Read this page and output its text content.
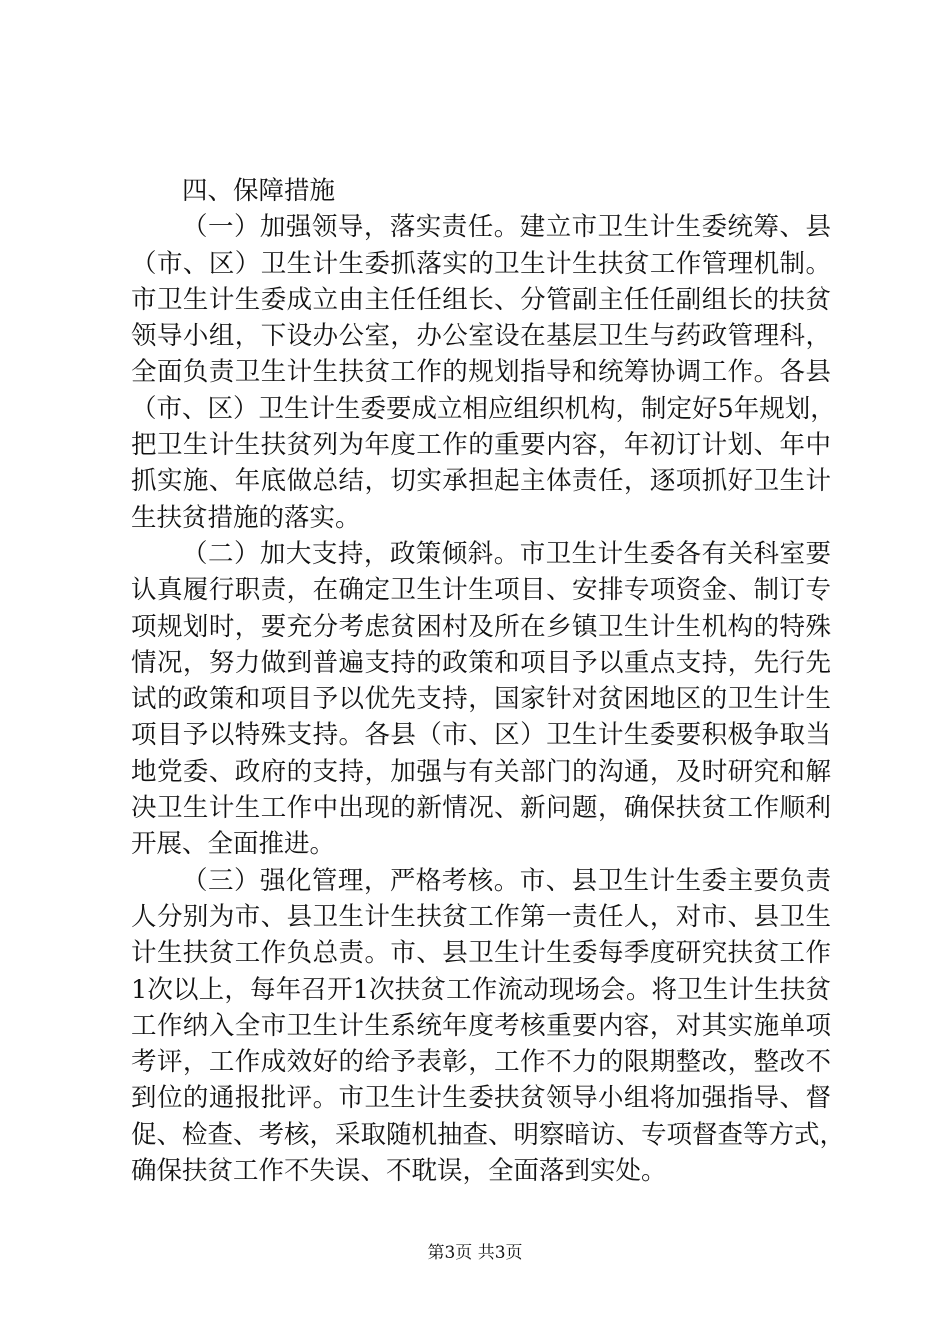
四、保障措施
（一）加强领导，落实责任。建立市卫生计生委统筹、县
（市、区）卫生计生委抓落实的卫生计生扶贫工作管理机制。
市卫生计生委成立由主任任组长、分管副主任任副组长的扶贫
领导小组，下设办公室，办公室设在基层卫生与药政管理科，
全面负责卫生计生扶贫工作的规划指导和统筹协调工作。各县
（市、区）卫生计生委要成立相应组织机构，制定好5年规划，
把卫生计生扶贫列为年度工作的重要内容，年初订计划、年中
抓实施、年底做总结，切实承担起主体责任，逐项抓好卫生计
生扶贫措施的落实。
（二）加大支持，政策倾斜。市卫生计生委各有关科室要
认真履行职责，在确定卫生计生项目、安排专项资金、制订专
项规划时，要充分考虑贫困村及所在乡镇卫生计生机构的特殊
情况，努力做到普遍支持的政策和项目予以重点支持，先行先
试的政策和项目予以优先支持，国家针对贫困地区的卫生计生
项目予以特殊支持。各县（市、区）卫生计生委要积极争取当
地党委、政府的支持，加强与有关部门的沟通，及时研究和解
决卫生计生工作中出现的新情况、新问题，确保扶贫工作顺利
开展、全面推进。
（三）强化管理，严格考核。市、县卫生计生委主要负责
人分别为市、县卫生计生扶贫工作第一责任人，对市、县卫生
计生扶贫工作负总责。市、县卫生计生委每季度研究扶贫工作
1次以上，每年召开1次扶贫工作流动现场会。将卫生计生扶贫
工作纳入全市卫生计生系统年度考核重要内容，对其实施单项
考评，工作成效好的给予表彰，工作不力的限期整改，整改不
到位的通报批评。市卫生计生委扶贫领导小组将加强指导、督
促、检查、考核，采取随机抽查、明察暗访、专项督查等方式，
确保扶贫工作不失误、不耽误，全面落到实处。
第3页 共3页
